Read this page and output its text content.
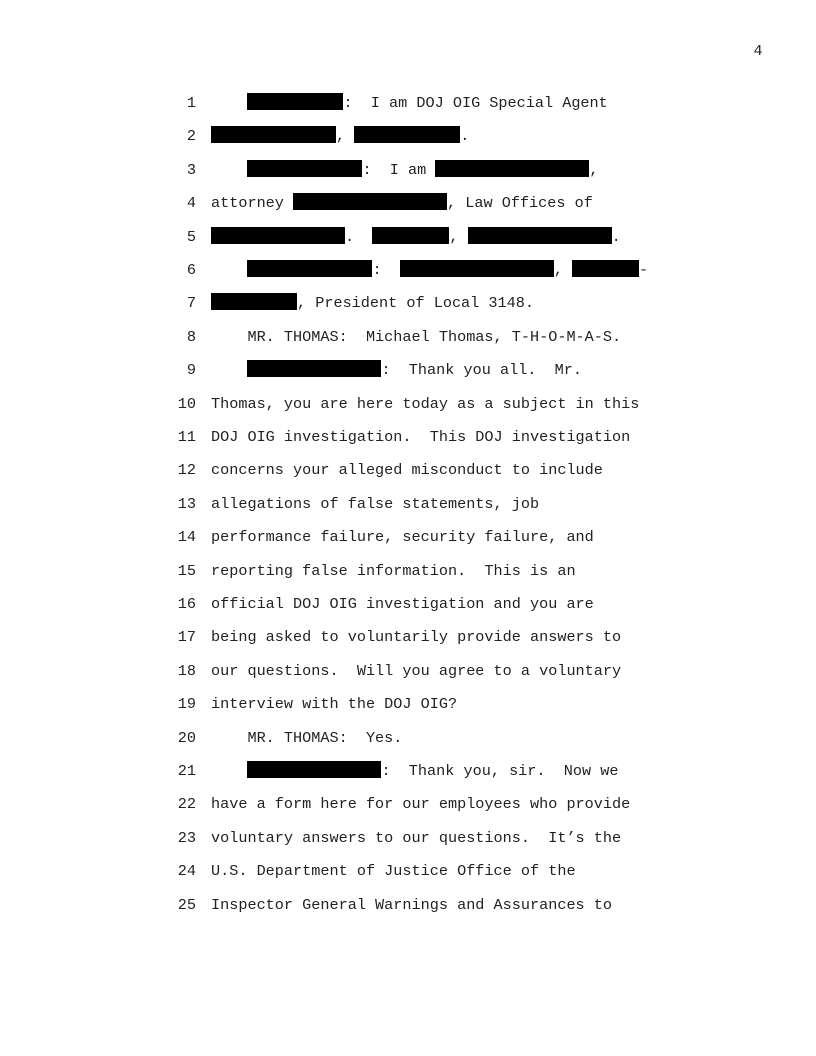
4
1	:  I am DOJ OIG Special Agent
2	,	.
3	:  I am	,
4 attorney	, Law Offices of
5	.	,	.
6	:	,	-
7	, President of Local 3148.
8 MR. THOMAS:  Michael Thomas, T-H-O-M-A-S.
9	:  Thank you all.  Mr.
10 Thomas, you are here today as a subject in this
11 DOJ OIG investigation.  This DOJ investigation
12 concerns your alleged misconduct to include
13 allegations of false statements, job
14 performance failure, security failure, and
15 reporting false information.  This is an
16 official DOJ OIG investigation and you are
17 being asked to voluntarily provide answers to
18 our questions.  Will you agree to a voluntary
19 interview with the DOJ OIG?
20 MR. THOMAS:  Yes.
21	:  Thank you, sir.  Now we
22 have a form here for our employees who provide
23 voluntary answers to our questions.  It’s the
24 U.S. Department of Justice Office of the
25 Inspector General Warnings and Assurances to
